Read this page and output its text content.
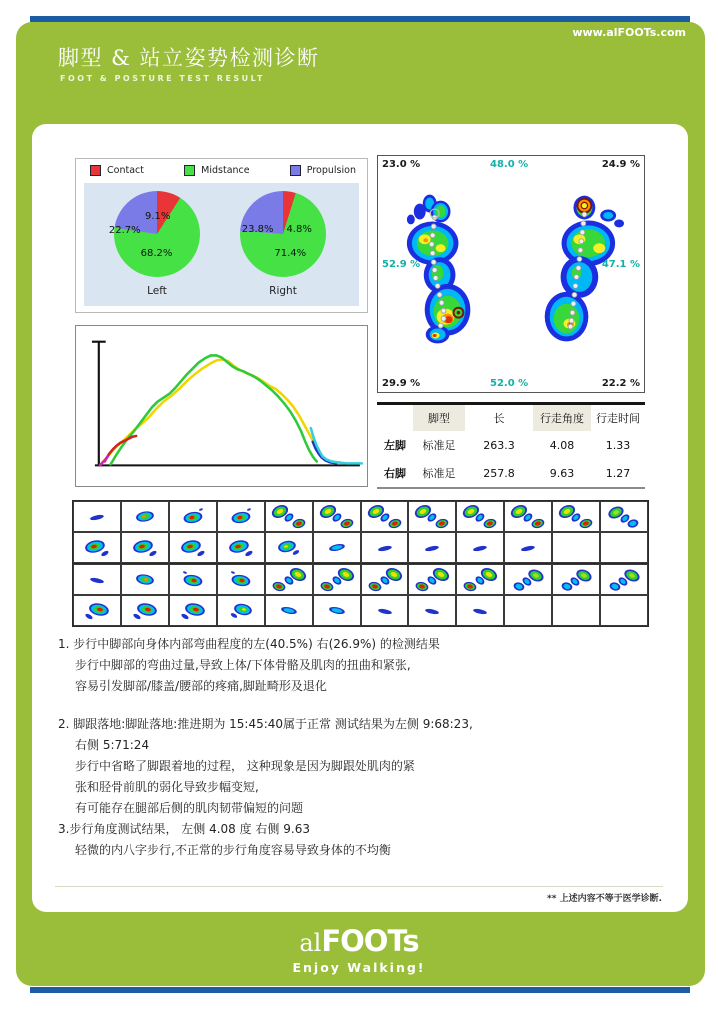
www.alFOOTs.com
脚型 & 站立姿势检测诊断
FOOT & POSTURE TEST RESULT
Contact	Midstance	Propulsion
9.1%
22.7%
68.2%
23.8% 4.8%
71.4%
Left	Right
23.0 %	48.0 %	24.9 %
52.9 %	47.1 %
29.9 %	52.0 %	22.2 %
脚型	长	行走角度	行走时间
左脚	标准足	263.3	4.08	1.33
右脚	标准足	257.8	9.63	1.27

1. 步行中脚部向身体内部弯曲程度的左(40.5%) 右(26.9%) 的检测结果

步行中脚部的弯曲过量,导致上体/下体骨骼及肌肉的扭曲和紧张,

容易引发脚部/膝盖/腰部的疼痛,脚趾畸形及退化

2. 脚跟落地:脚趾落地:推进期为 15:45:40属于正常 测试结果为左侧 9:68:23,

右侧 5:71:24

步行中省略了脚跟着地的过程， 这种现象是因为脚跟处肌肉的紧

张和胫骨前肌的弱化导致步幅变短,

有可能存在腿部后侧的肌肉韧带偏短的问题

3.步行角度测试结果， 左侧 4.08 度 右侧 9.63

轻微的内八字步行,不正常的步行角度容易导致身体的不均衡

** 上述内容不等于医学诊断.
alFOOTs
Enjoy Walking!
